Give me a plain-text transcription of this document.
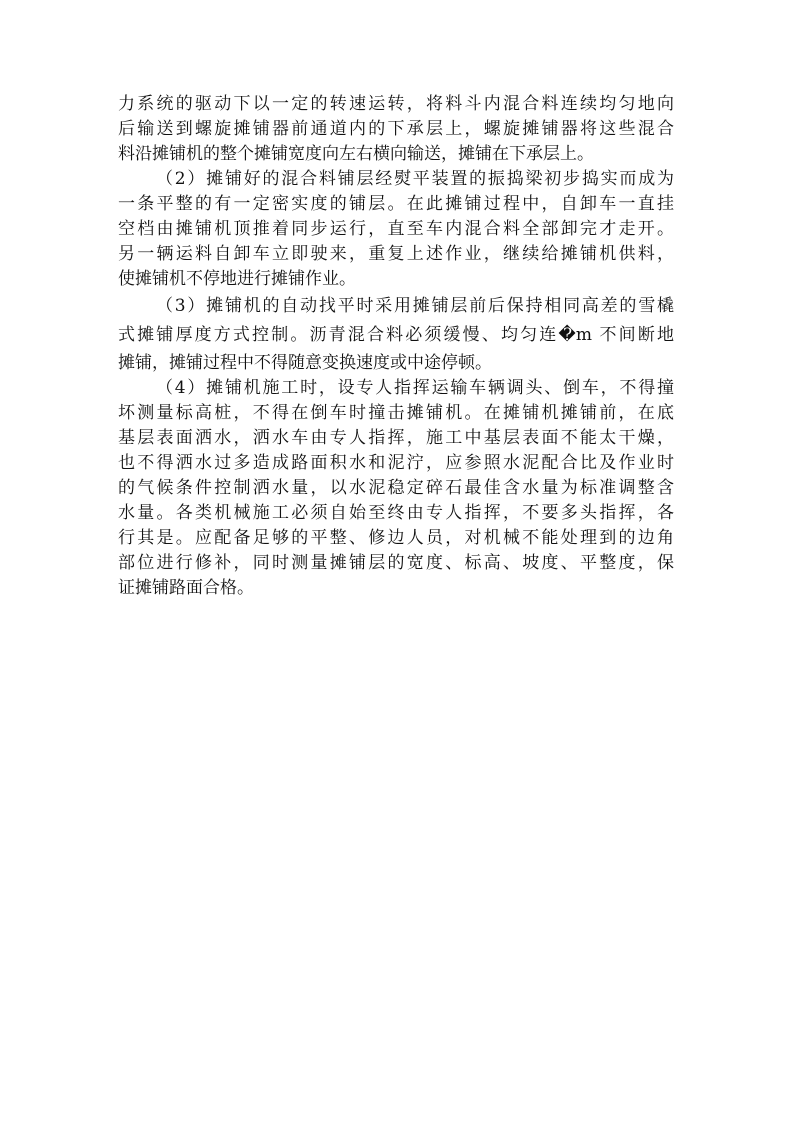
力系统的驱动下以一定的转速运转，将料斗内混合料连续均匀地向
后输送到螺旋摊铺器前通道内的下承层上，螺旋摊铺器将这些混合
料沿摊铺机的整个摊铺宽度向左右横向输送，摊铺在下承层上。
（2）摊铺好的混合料铺层经熨平装置的振捣梁初步捣实而成为
一条平整的有一定密实度的铺层。在此摊铺过程中，自卸车一直挂
空档由摊铺机顶推着同步运行，直至车内混合料全部卸完才走开。
另一辆运料自卸车立即驶来，重复上述作业，继续给摊铺机供料，
使摊铺机不停地进行摊铺作业。
（3）摊铺机的自动找平时采用摊铺层前后保持相同高差的雪橇
式摊铺厚度方式控制。沥青混合料必须缓慢、均匀连�m 不间断地
摊铺，摊铺过程中不得随意变换速度或中途停顿。
（4）摊铺机施工时，设专人指挥运输车辆调头、倒车，不得撞
坏测量标高桩，不得在倒车时撞击摊铺机。在摊铺机摊铺前，在底
基层表面洒水，洒水车由专人指挥，施工中基层表面不能太干燥，
也不得洒水过多造成路面积水和泥泞，应参照水泥配合比及作业时
的气候条件控制洒水量，以水泥稳定碎石最佳含水量为标准调整含
水量。各类机械施工必须自始至终由专人指挥，不要多头指挥，各
行其是。应配备足够的平整、修边人员，对机械不能处理到的边角
部位进行修补，同时测量摊铺层的宽度、标高、坡度、平整度，保
证摊铺路面合格。
